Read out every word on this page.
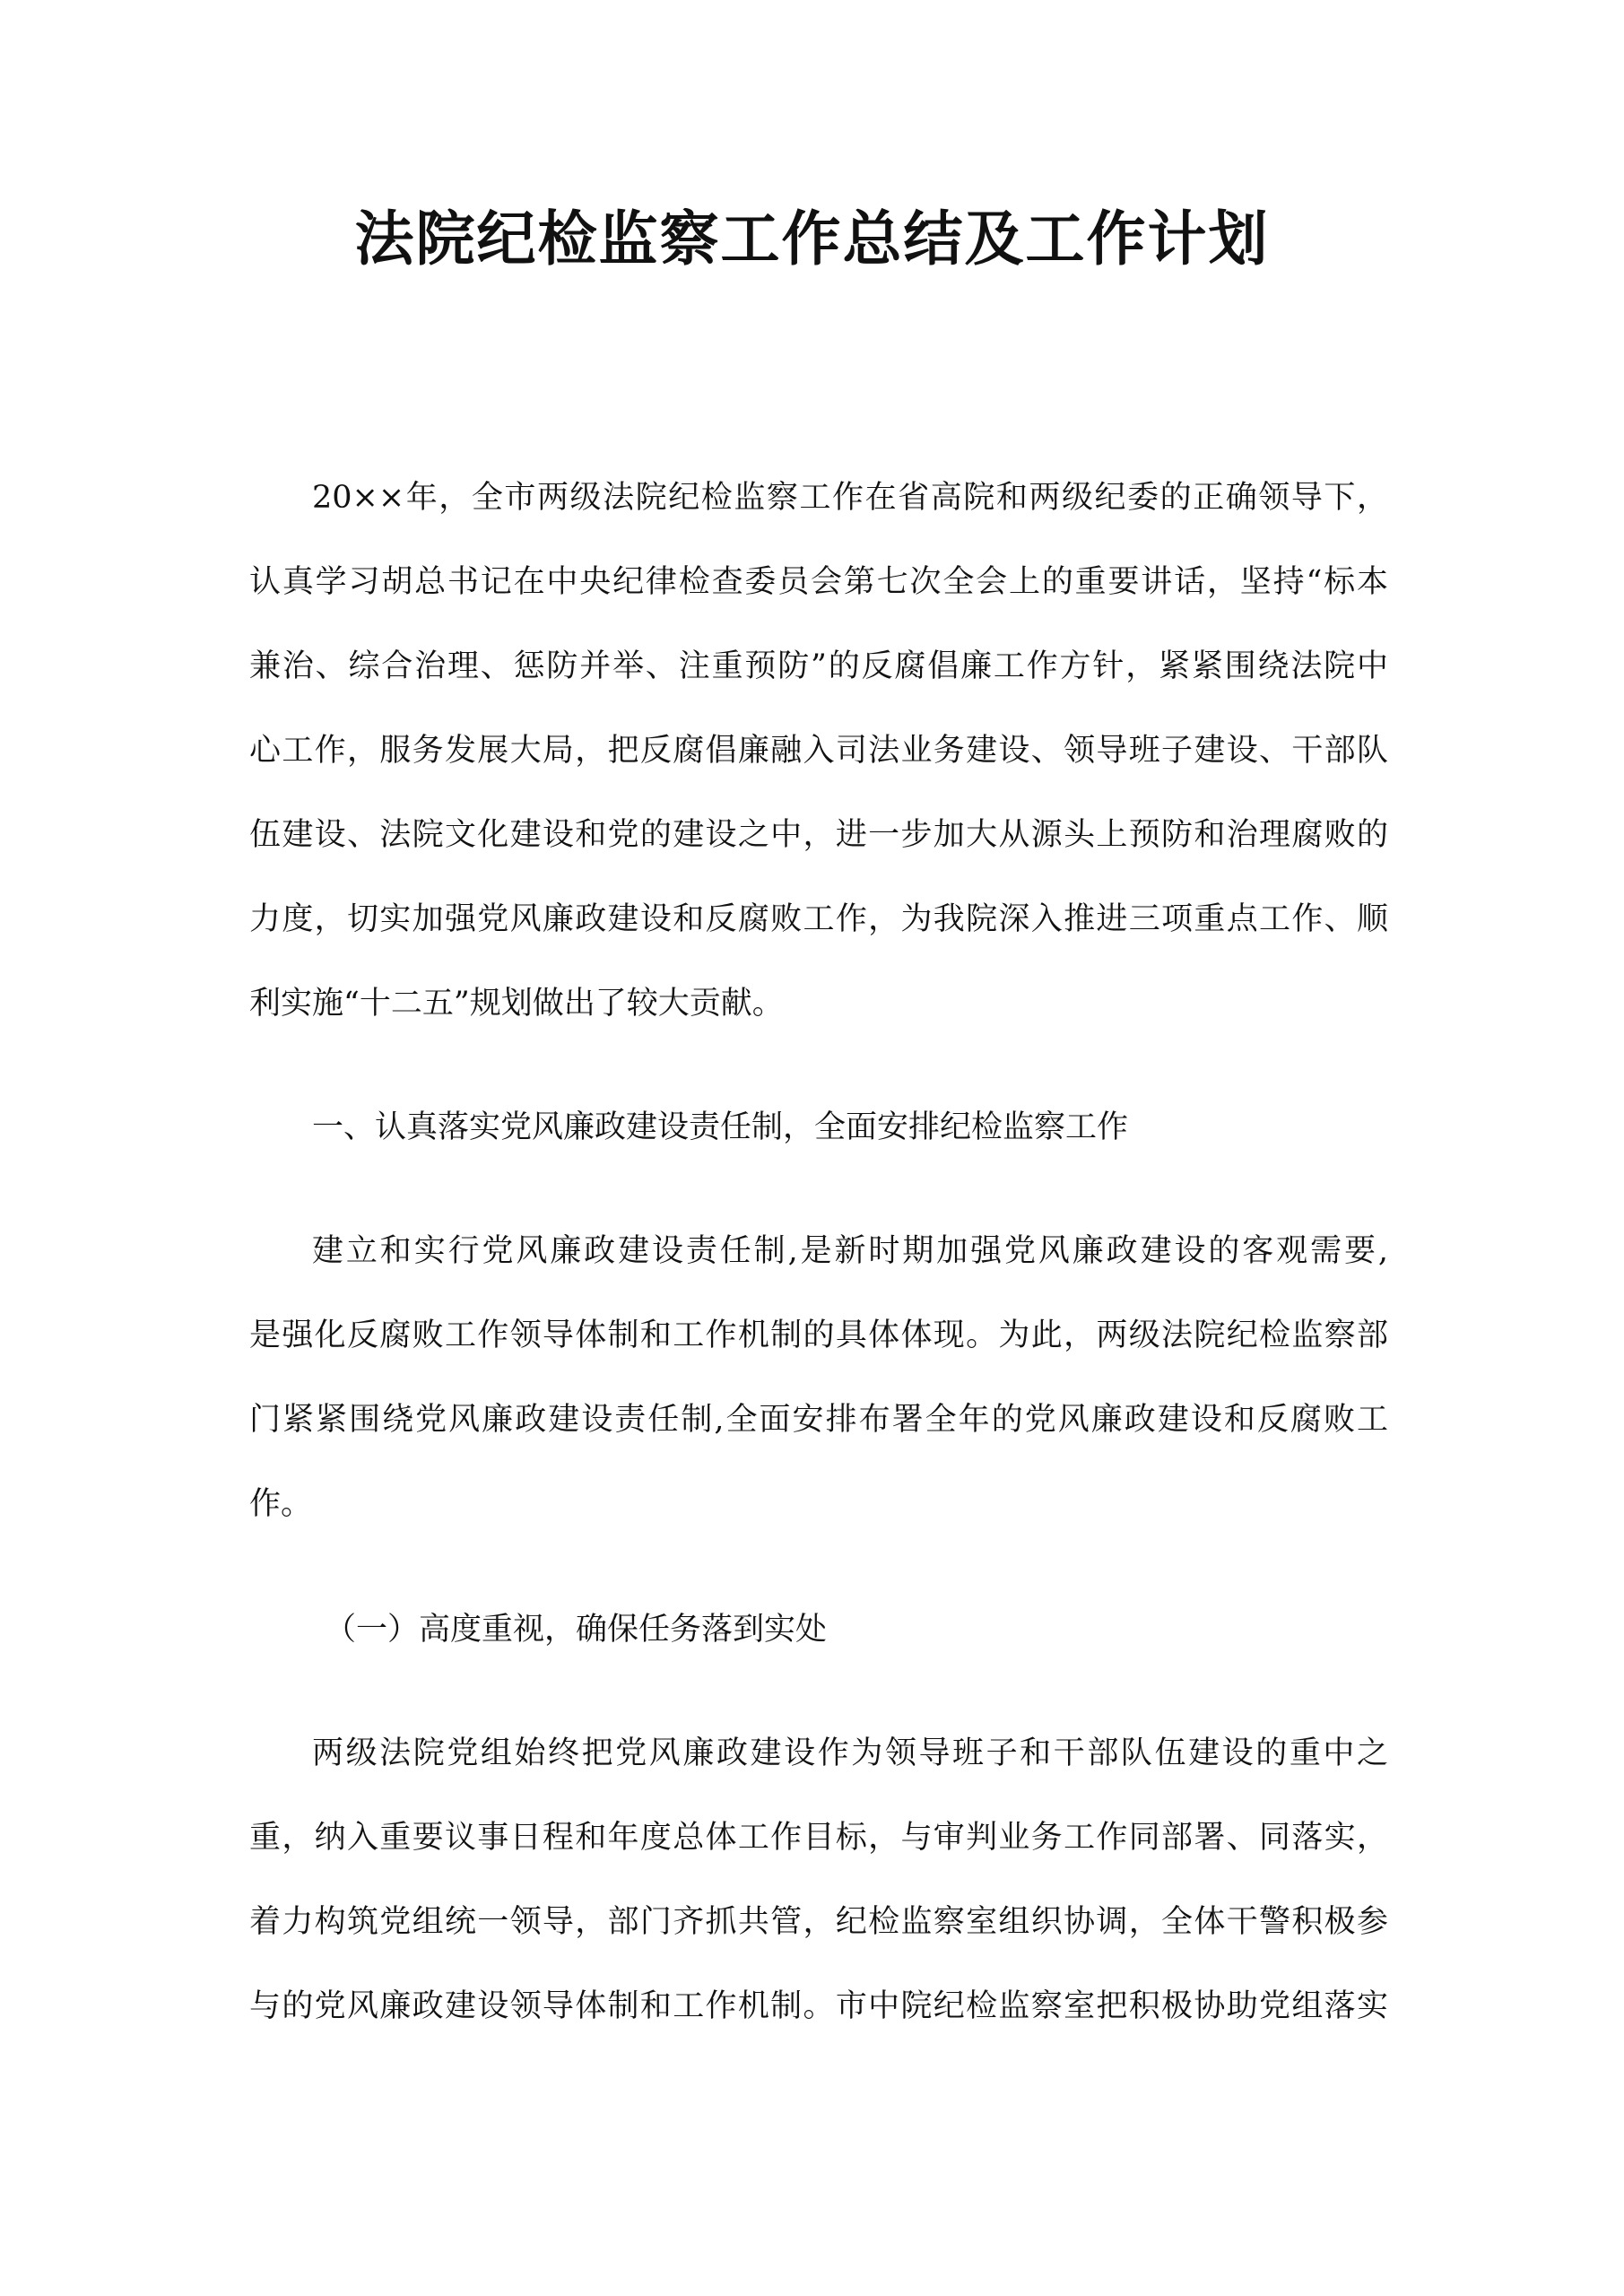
法院纪检监察工作总结及工作计划
20××年，全市两级法院纪检监察工作在省高院和两级纪委的正确领导下，
认真学习胡总书记在中央纪律检查委员会第七次全会上的重要讲话，坚持“标本
兼治、综合治理、惩防并举、注重预防”的反腐倡廉工作方针，紧紧围绕法院中
心工作，服务发展大局，把反腐倡廉融入司法业务建设、领导班子建设、干部队
伍建设、法院文化建设和党的建设之中，进一步加大从源头上预防和治理腐败的
力度，切实加强党风廉政建设和反腐败工作，为我院深入推进三项重点工作、顺
利实施“十二五”规划做出了较大贡献。
一、认真落实党风廉政建设责任制，全面安排纪检监察工作
建立和实行党风廉政建设责任制,是新时期加强党风廉政建设的客观需要,
是强化反腐败工作领导体制和工作机制的具体体现。为此，两级法院纪检监察部
门紧紧围绕党风廉政建设责任制,全面安排布署全年的党风廉政建设和反腐败工
作。
（一）高度重视，确保任务落到实处
两级法院党组始终把党风廉政建设作为领导班子和干部队伍建设的重中之
重，纳入重要议事日程和年度总体工作目标，与审判业务工作同部署、同落实，
着力构筑党组统一领导，部门齐抓共管，纪检监察室组织协调，全体干警积极参
与的党风廉政建设领导体制和工作机制。市中院纪检监察室把积极协助党组落实
